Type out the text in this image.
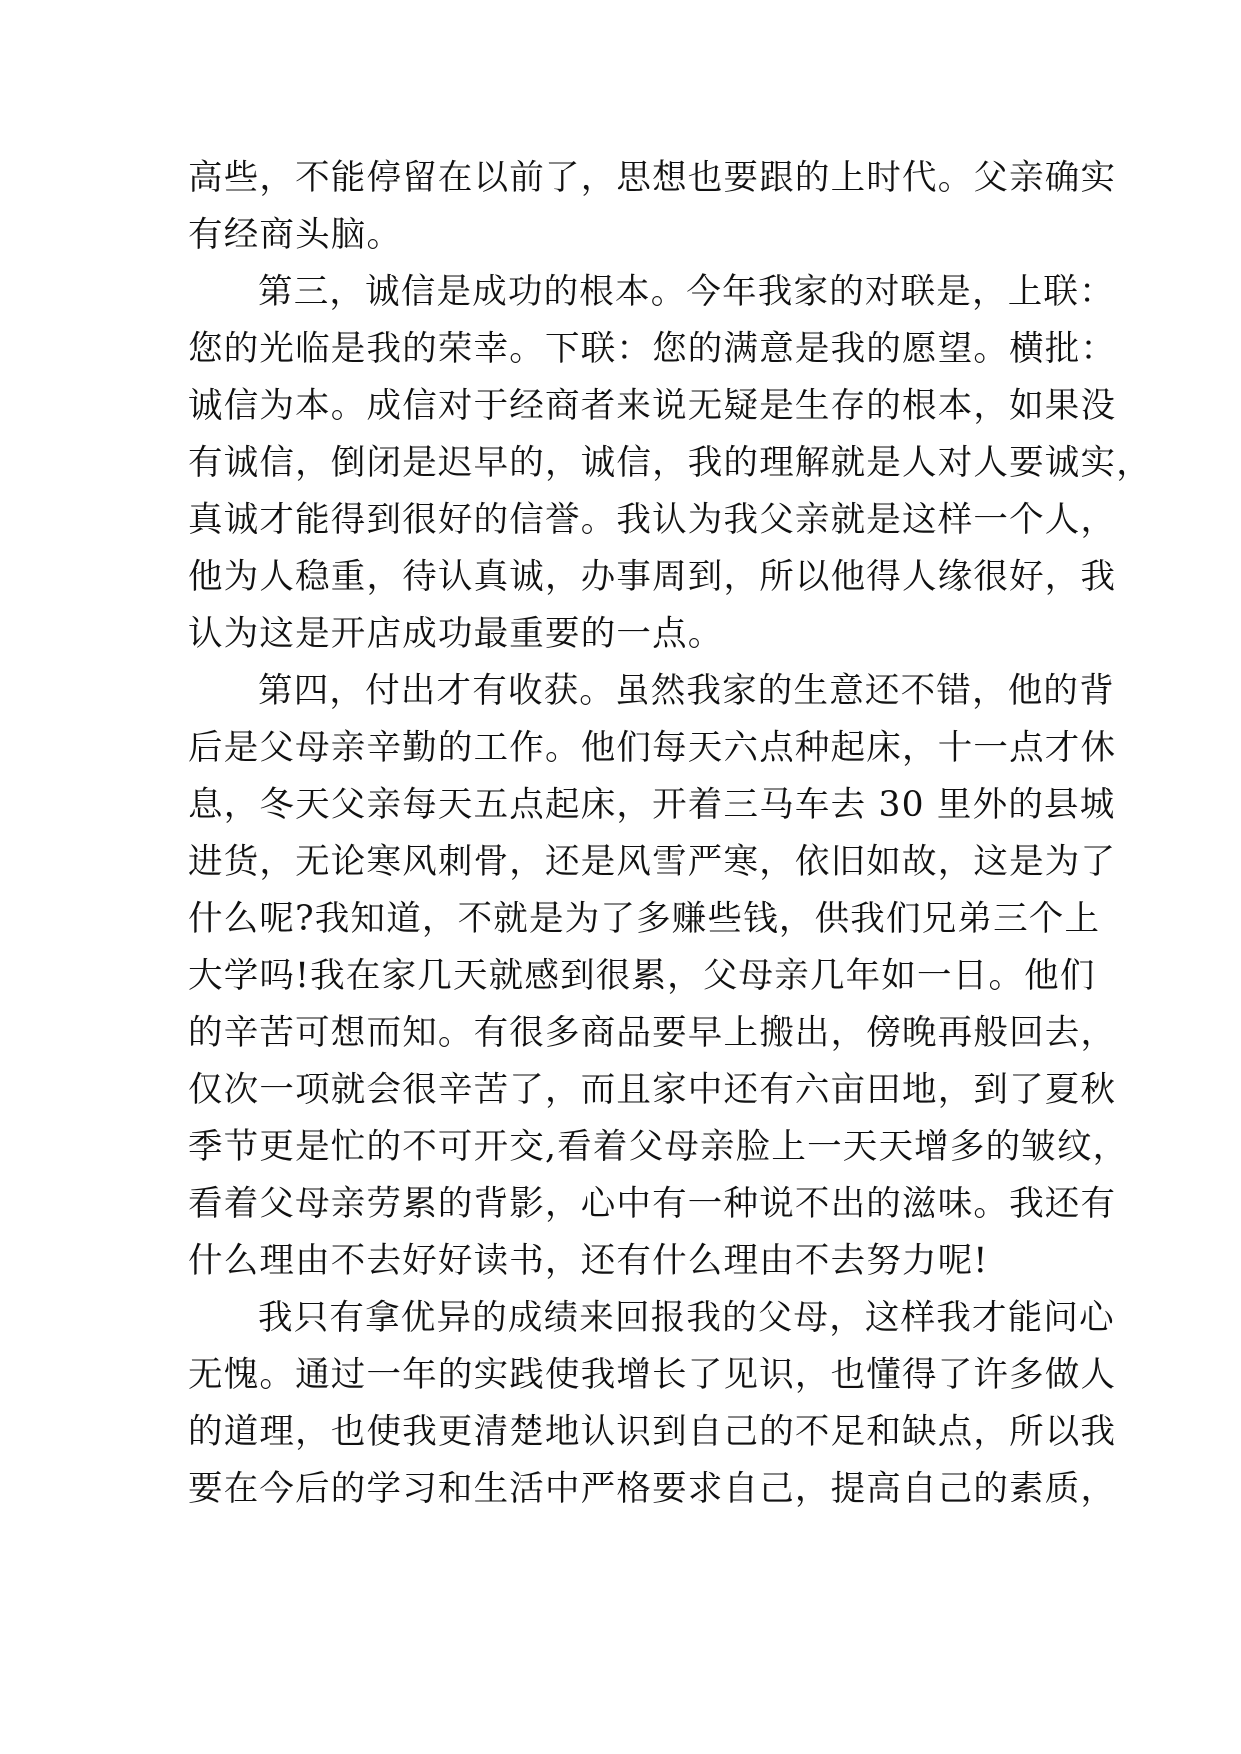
高些，不能停留在以前了，思想也要跟的上时代。父亲确实
有经商头脑。
第三，诚信是成功的根本。今年我家的对联是，上联：
您的光临是我的荣幸。下联：您的满意是我的愿望。横批：
诚信为本。成信对于经商者来说无疑是生存的根本，如果没
有诚信，倒闭是迟早的，诚信，我的理解就是人对人要诚实，
真诚才能得到很好的信誉。我认为我父亲就是这样一个人，
他为人稳重，待认真诚，办事周到，所以他得人缘很好，我
认为这是开店成功最重要的一点。
第四，付出才有收获。虽然我家的生意还不错，他的背
后是父母亲辛勤的工作。他们每天六点种起床，十一点才休
息，冬天父亲每天五点起床，开着三马车去 30 里外的县城
进货，无论寒风刺骨，还是风雪严寒，依旧如故，这是为了
什么呢?我知道，不就是为了多赚些钱，供我们兄弟三个上
大学吗!我在家几天就感到很累，父母亲几年如一日。他们
的辛苦可想而知。有很多商品要早上搬出，傍晚再般回去，
仅次一项就会很辛苦了，而且家中还有六亩田地，到了夏秋
季节更是忙的不可开交,看着父母亲脸上一天天增多的皱纹，
看着父母亲劳累的背影，心中有一种说不出的滋味。我还有
什么理由不去好好读书，还有什么理由不去努力呢!
我只有拿优异的成绩来回报我的父母，这样我才能问心
无愧。通过一年的实践使我增长了见识，也懂得了许多做人
的道理，也使我更清楚地认识到自己的不足和缺点，所以我
要在今后的学习和生活中严格要求自己，提高自己的素质，
